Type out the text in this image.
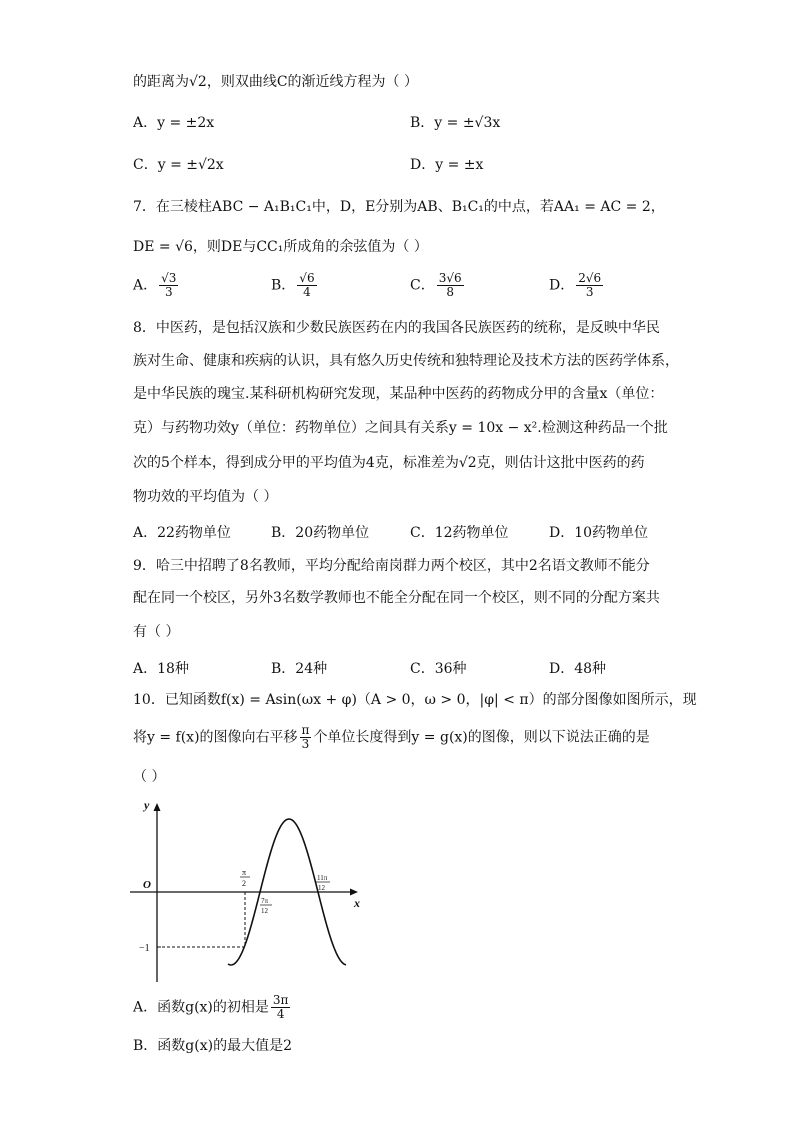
的距离为√2，则双曲线C的渐近线方程为（ ）
A．y = ±2x	B．y = ±√3x
C．y = ±√2x	D．y = ±x
7．在三棱柱ABC − A₁B₁C₁中，D，E分别为AB、B₁C₁的中点，若AA₁ = AC = 2，
DE = √6，则DE与CC₁所成角的余弦值为（ ）
A． $\frac{√3}{3}$	B． $\frac{√6}{4}$	C． $\frac{3√6}{8}$	D． $\frac{2√6}{3}$
8．中医药，是包括汉族和少数民族医药在内的我国各民族医药的统称，是反映中华民
族对生命、健康和疾病的认识，具有悠久历史传统和独特理论及技术方法的医药学体系，
是中华民族的瑰宝.某科研机构研究发现，某品种中医药的药物成分甲的含量x（单位：
克）与药物功效y（单位：药物单位）之间具有关系y = 10x − x².检测这种药品一个批
次的5个样本，得到成分甲的平均值为4克，标准差为√2克，则估计这批中医药的药
物功效的平均值为（ ）
A．22药物单位	B．20药物单位	C．12药物单位	D．10药物单位
9．哈三中招聘了8名教师，平均分配给南岗群力两个校区，其中2名语文教师不能分
配在同一个校区，另外3名数学教师也不能全分配在同一个校区，则不同的分配方案共
有（ ）
A．18种	B．24种	C．36种	D．48种
10．已知函数f(x) = Asin(ωx + φ)（A > 0，ω > 0，|φ| < π）的部分图像如图所示，现
将y = f(x)的图像向右平移 $\frac{\pi}{3}$ 个单位长度得到y = g(x)的图像，则以下说法正确的是
（ ）
y
x
O
−1
π
2
7π
12
11π
12
A．函数g(x)的初相是 $\frac{3\pi}{4}$
B．函数g(x)的最大值是2
